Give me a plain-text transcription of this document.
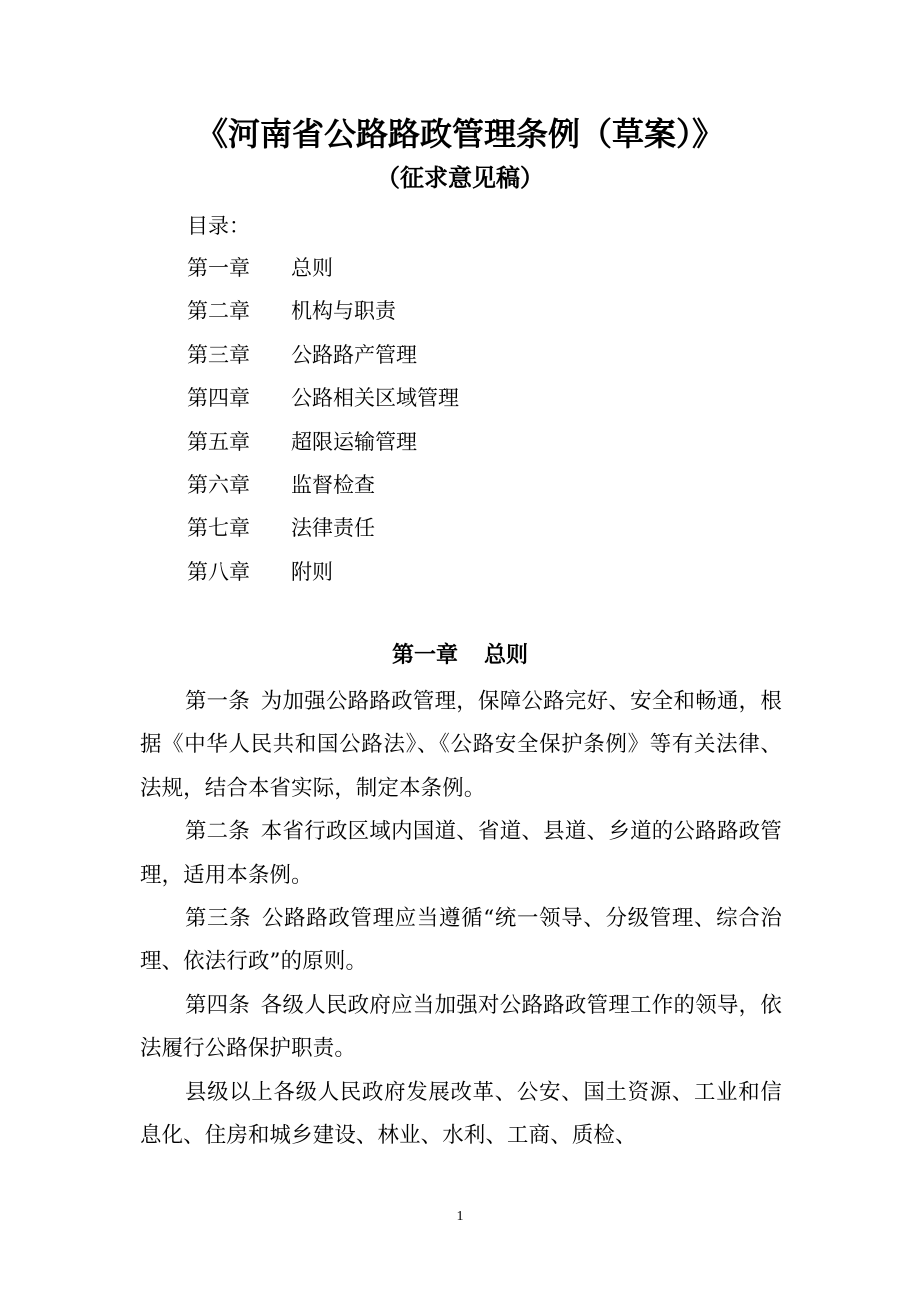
《河南省公路路政管理条例（草案）》
（征求意见稿）
目录：
第一章 总则
第二章 机构与职责
第三章 公路路产管理
第四章 公路相关区域管理
第五章 超限运输管理
第六章 监督检查
第七章 法律责任
第八章 附则
第一章 总则

第一条 为加强公路路政管理，保障公路完好、安全和畅通，根据《中华人民共和国公路法》、《公路安全保护条例》等有关法律、法规，结合本省实际，制定本条例。

第二条 本省行政区域内国道、省道、县道、乡道的公路路政管理，适用本条例。

第三条 公路路政管理应当遵循“统一领导、分级管理、综合治理、依法行政”的原则。

第四条 各级人民政府应当加强对公路路政管理工作的领导，依法履行公路保护职责。

县级以上各级人民政府发展改革、公安、国土资源、工业和信息化、住房和城乡建设、林业、水利、工商、质检、

1
